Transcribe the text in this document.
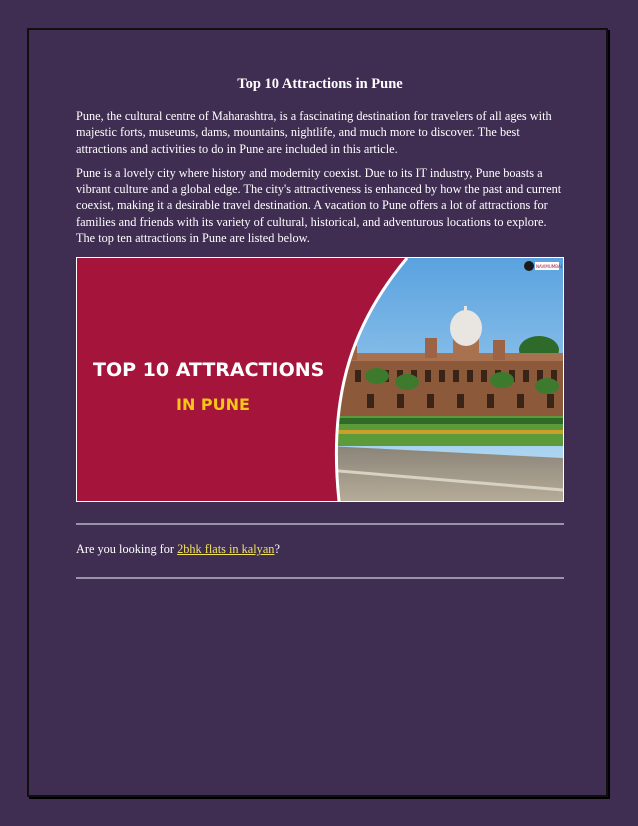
Top 10 Attractions in Pune

Pune, the cultural centre of Maharashtra, is a fascinating destination for travelers of all ages with majestic forts, museums, dams, mountains, nightlife, and much more to discover. The best attractions and activities to do in Pune are included in this article.

Pune is a lovely city where history and modernity coexist. Due to its IT industry, Pune boasts a vibrant culture and a global edge. The city's attractiveness is enhanced by how the past and current coexist, making it a desirable travel destination. A vacation to Pune offers a lot of attractions for families and friends with its variety of cultural, historical, and adventurous locations to explore. The top ten attractions in Pune are listed below.

TOP 10 ATTRACTIONS
IN PUNE
NAVIMUMBAI
Are you looking for 2bhk flats in kalyan?
